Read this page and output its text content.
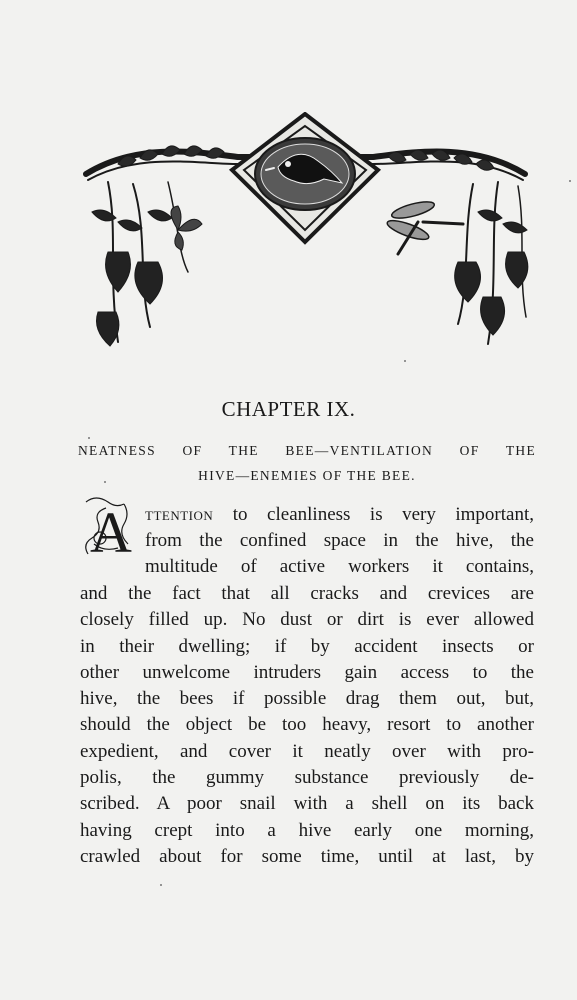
CHAPTER IX.
NEATNESS OF THE BEE—VENTILATION OF THE
HIVE—ENEMIES OF THE BEE.
A ttention to cleanliness is very important,
from the confined space in the hive, the
multitude of active workers it contains,
and the fact that all cracks and crevices are
closely filled up. No dust or dirt is ever allowed
in their dwelling; if by accident insects or
other unwelcome intruders gain access to the
hive, the bees if possible drag them out, but,
should the object be too heavy, resort to another
expedient, and cover it neatly over with pro-
polis, the gummy substance previously de-
scribed. A poor snail with a shell on its back
having crept into a hive early one morning,
crawled about for some time, until at last, by
